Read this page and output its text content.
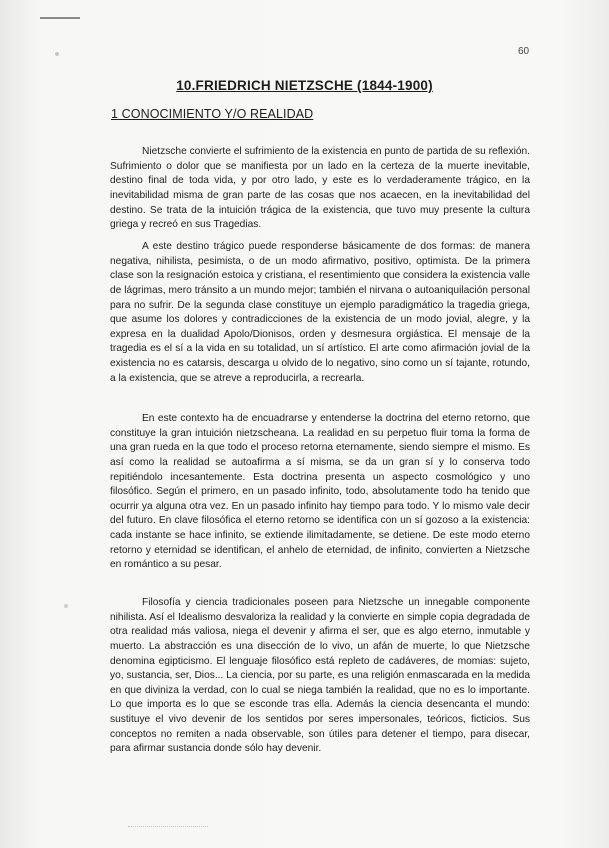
60
10.FRIEDRICH NIETZSCHE (1844-1900)
1 CONOCIMIENTO Y/O REALIDAD

Nietzsche convierte el sufrimiento de la existencia en punto de partida de su reflexión. Sufrimiento o dolor que se manifiesta por un lado en la certeza de la muerte inevitable, destino final de toda vida, y por otro lado, y este es lo verdaderamente trágico, en la inevitabilidad misma de gran parte de las cosas que nos acaecen, en la inevitabilidad del destino. Se trata de la intuición trágica de la existencia, que tuvo muy presente la cultura griega y recreó en sus Tragedias.

A este destino trágico puede responderse básicamente de dos formas: de manera negativa, nihilista, pesimista, o de un modo afirmativo, positivo, optimista. De la primera clase son la resignación estoica y cristiana, el resentimiento que considera la existencia valle de lágrimas, mero tránsito a un mundo mejor; también el nirvana o autoaniquilación personal para no sufrir. De la segunda clase constituye un ejemplo paradigmático la tragedia griega, que asume los dolores y contradicciones de la existencia de un modo jovial, alegre, y la expresa en la dualidad Apolo/Dionisos, orden y desmesura orgiástica. El mensaje de la tragedia es el sí a la vida en su totalidad, un sí artístico. El arte como afirmación jovial de la existencia no es catarsis, descarga u olvido de lo negativo, sino como un sí tajante, rotundo, a la existencia, que se atreve a reproducirla, a recrearla.

En este contexto ha de encuadrarse y entenderse la doctrina del eterno retorno, que constituye la gran intuición nietzscheana. La realidad en su perpetuo fluir toma la forma de una gran rueda en la que todo el proceso retorna eternamente, siendo siempre el mismo. Es así como la realidad se autoafirma a sí misma, se da un gran sí y lo conserva todo repitiéndolo incesantemente. Esta doctrina presenta un aspecto cosmológico y uno filosófico. Según el primero, en un pasado infinito, todo, absolutamente todo ha tenido que ocurrir ya alguna otra vez. En un pasado infinito hay tiempo para todo. Y lo mismo vale decir del futuro. En clave filosófica el eterno retorno se identifica con un sí gozoso a la existencia: cada instante se hace infinito, se extiende ilimitadamente, se detiene. De este modo eterno retorno y eternidad se identifican, el anhelo de eternidad, de infinito, convierten a Nietzsche en romántico a su pesar.

Filosofía y ciencia tradicionales poseen para Nietzsche un innegable componente nihilista. Así el Idealismo desvaloriza la realidad y la convierte en simple copia degradada de otra realidad más valiosa, niega el devenir y afirma el ser, que es algo eterno, inmutable y muerto. La abstracción es una disección de lo vivo, un afán de muerte, lo que Nietzsche denomina egipticismo. El lenguaje filosófico está repleto de cadáveres, de momias: sujeto, yo, sustancia, ser, Dios... La ciencia, por su parte, es una religión enmascarada en la medida en que diviniza la verdad, con lo cual se niega también la realidad, que no es lo importante. Lo que importa es lo que se esconde tras ella. Además la ciencia desencanta el mundo: sustituye el vivo devenir de los sentidos por seres impersonales, teóricos, ficticios. Sus conceptos no remiten a nada observable, son útiles para detener el tiempo, para disecar, para afirmar sustancia donde sólo hay devenir.
